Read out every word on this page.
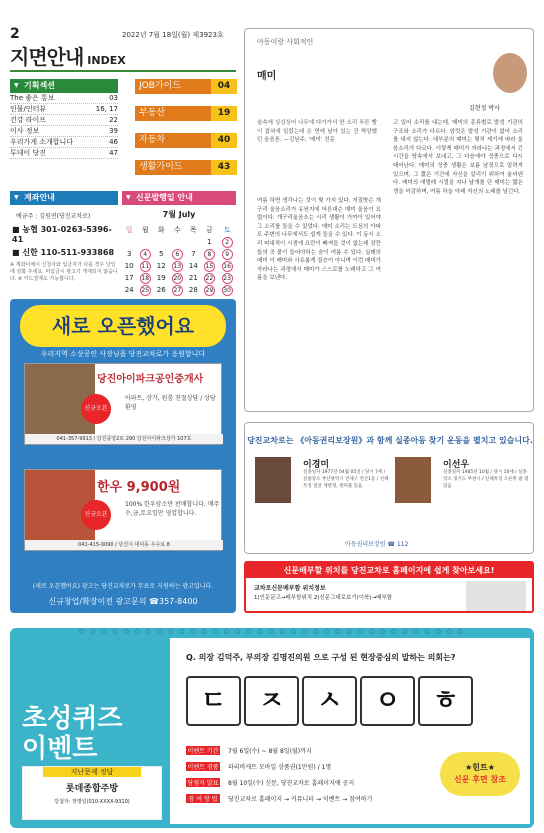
2	2022년 7월 18일(월) 제3923호
지면안내 INDEX
▼ 기획섹션
The 좋은 통보	03
인물/인터뷰	16, 17
건강 라이프	22
이사 정보	39
우리가게 소개합니다	46
투데이 당진	47
JOB가이드	04
부동산	19
자동차	40
생활가이드	43
▼ 계좌안내
예금주 : 김원연(당진교차로)
■ 농협 301-0263-5396-41
■ 신한 110-511-933868
※ 계좌이체시 신청자와 입금자가 다를 경우 당일에 전화 주세요. 미입금시 광고가 게재되지 않습니다. ※ 카드결제도 가능합니다.
▼ 신문발행일 안내
7월 July
일	월	화	수	목	금	토
					1	2
3	4	5	6	7	8	9
10	11	12	13	14	15	16
17	18	19	20	21	22	23
24	25	26	27	28	29	30

새로 오픈했어요
우리지역 소상공인 사장님을 당진교차로가 응원합니다
당진아이파크공인중개사
신규오픈
아파트, 상가, 원룸 친절상담 / 상담환영
041-357-9913 / 당진중앙2로 290 당진아이파크상가 107호
한우 9,900원
신규오픈
100% 한우암소만 판매합니다. 매주 수,금,토요일만 영업합니다.
041-415-0090 / 당진시 대덕동 우수로 8
(새로 오픈했어요) 광고는 당진교차로가 무료로 지원하는 광고입니다.
신규창업/확장이전 광고문의 ☎357-8400
아동이랑 사회적인
매미
김현정 박사
숲속에 싱싱싱어 나무에 다가가서 한 소리 푸른 빨이 잡혀에 일렀는데 온 면에 날아 있는 건 짝앙했던 울음톤. —김남주, ‘매미’ 전문
여름 하면 생각나는 것이 몇 가지 있다. 저질밧슨 개구리 울음소리가 유원지에 어른대슨 매미 울음이 요렵이다. 개구리울음소는 시리 생활이 가까이 있어야 그 소리를 들을 수 있었다. 매미 소리는 도심의 아파트 주변의 나무에서도 쉽게 들을 수 있다. 이 동시 소리 떠대적이 시샘에 요란이 빠져들 것이 없는데 잠깐들의 곳 물이 들어야하는 숨이 여름 수 있다. 실례의 매미 이 매미와 사유롭게 짐승이 아니며 이런 매미가 자라나는 과정에서 매미가 스스로를 노래하고 그 여름을 보낸다.
고 있어 소리를 내는데, 매미의 종류별로 발성 기관의 구조와 소리가 다르다. 암컷은 발성 기관이 없어 소리를 내지 않는다. 대부분의 매미는 몇처 세기에 따라 울음소리가 다르다. 이렇게 매미가 자라나는 과정에서 긴 시간을 땅속에서 보내고, 그 다음에야 성충으로 다시 태어난다. 매미의 성충 생활은 보름 남짓으로 알려져 있으며, 그 짧은 기간에 자신을 알리기 위하여 울어댄다. 매미의 애벌레 시절을 지나 날개를 단 매미는 짧은 생을 마감하며, 여름 하늘 아래 자신의 노래를 남긴다.
당진교차로는 《아동권리보장원》과 함께 실종아동 찾기 운동을 펼치고 있습니다.
이경미
실종일자 1977년 04월 05일 / 당시 7세 / 실종장소 부산광역시 연제구 연산1동 / 신체특징 얼굴 계란형, 쌍꺼풀 있음
이선우
실종일자 1985년 10월 / 당시 10세 / 실종장소 경기도 부천시 / 신체특징 오른쪽 팔 점 있음
아동권리보장원 ☎ 112
신문배부할 위치를 당진교차로 홈페이지에 쉽게 찾아보세요!
교차로신문배부함 위치정보
1)인문문고→배부함위치 2)신문그대로보기(이북)→배부함
○ ○ ○ ○ ○ ○ ○ ○ ○ ○ ○ ○ ○ ○ ○ ○ ○ ○ ○ ○ ○ ○ ○ ○ ○ ○ ○ ○ ○ ○ ○ ○ ○ ○ ○
초성퀴즈
이벤트
지난문제 정답
롯데종합주방
당첨자: 장명일(010-XXXX-9310)
Q. 의장 김덕주, 부의장 김명진의원 으로 구성 된 현장중심의 말하는 의회는?
ㄷ	ㅈ	ㅅ	ㅇ	ㅎ
이벤트 기간 7월 6일(수) ~ 8월 8일(월)까지
이벤트 경품 파리바게트 모바일 상품권(1만원) / 1명
당첨자 발표 8월 10일(수) 신문, 당진교차로 홈페이지에 공지
참 여 방 법 당진교차로 홈페이지 → 커뮤니티 → 이벤트 → 참여하기
★힌트★
신문 후면 참조
